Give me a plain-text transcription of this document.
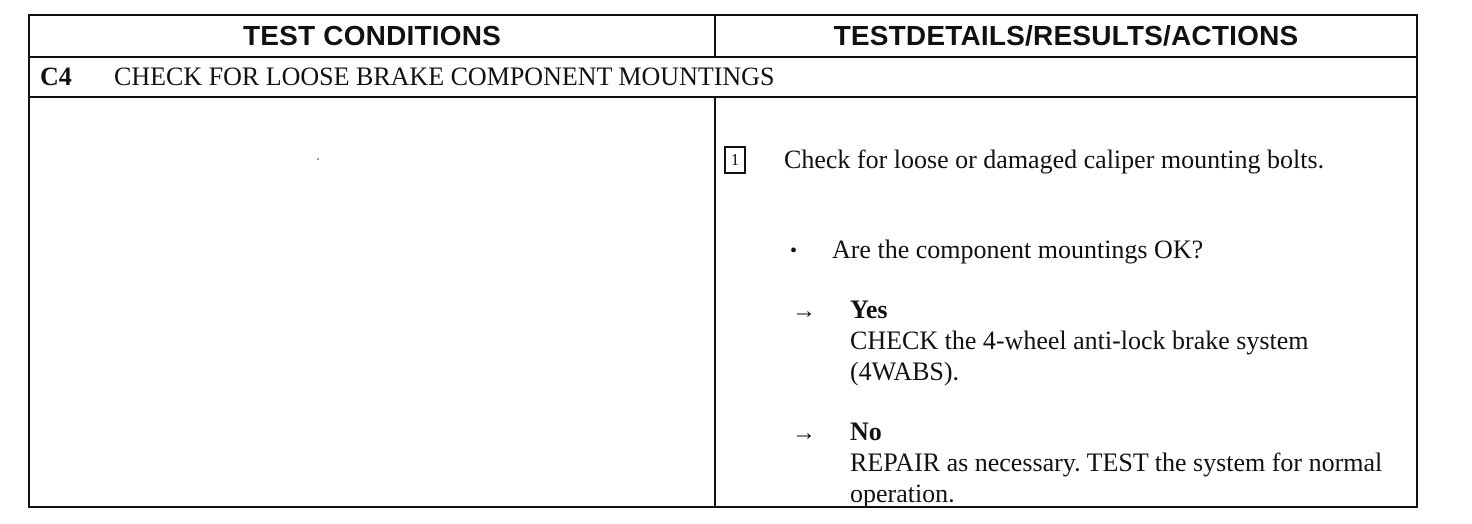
TEST CONDITIONS	TESTDETAILS/RESULTS/ACTIONS
C4	CHECK FOR LOOSE BRAKE COMPONENT MOUNTINGS
1 Check for loose or damaged caliper mounting bolts.
• Are the component mountings OK?
→ Yes
CHECK the 4-wheel anti-lock brake system (4WABS).
→ No
REPAIR as necessary. TEST the system for normal operation.
